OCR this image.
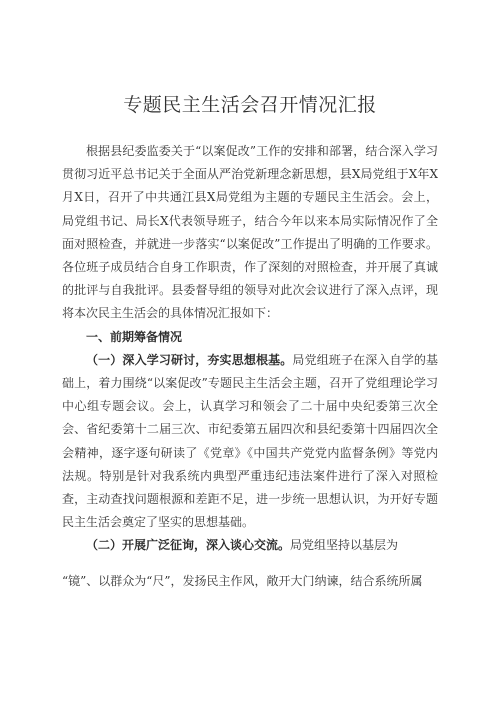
专题民主生活会召开情况汇报

根据县纪委监委关于“以案促改”工作的安排和部署，结合深入学习贯彻习近平总书记关于全面从严治党新理念新思想，县X局党组于X年X月X日，召开了中共通江县X局党组为主题的专题民主生活会。会上，局党组书记、局长X代表领导班子，结合今年以来本局实际情况作了全面对照检查，并就进一步落实“以案促改”工作提出了明确的工作要求。各位班子成员结合自身工作职责，作了深刻的对照检查，并开展了真诚的批评与自我批评。县委督导组的领导对此次会议进行了深入点评，现将本次民主生活会的具体情况汇报如下：

一、前期筹备情况

（一）深入学习研讨，夯实思想根基。局党组班子在深入自学的基础上，着力围绕“以案促改”专题民主生活会主题，召开了党组理论学习中心组专题会议。会上，认真学习和领会了二十届中央纪委第三次全会、省纪委第十二届三次、市纪委第五届四次和县纪委第十四届四次全会精神，逐字逐句研读了《党章》《中国共产党党内监督条例》等党内法规。特别是针对我系统内典型严重违纪违法案件进行了深入对照检查，主动查找问题根源和差距不足，进一步统一思想认识，为开好专题民主生活会奠定了坚实的思想基础。

（二）开展广泛征询，深入谈心交流。局党组坚持以基层为

“镜”、以群众为“尺”，发扬民主作风，敞开大门纳谏，结合系统所属
